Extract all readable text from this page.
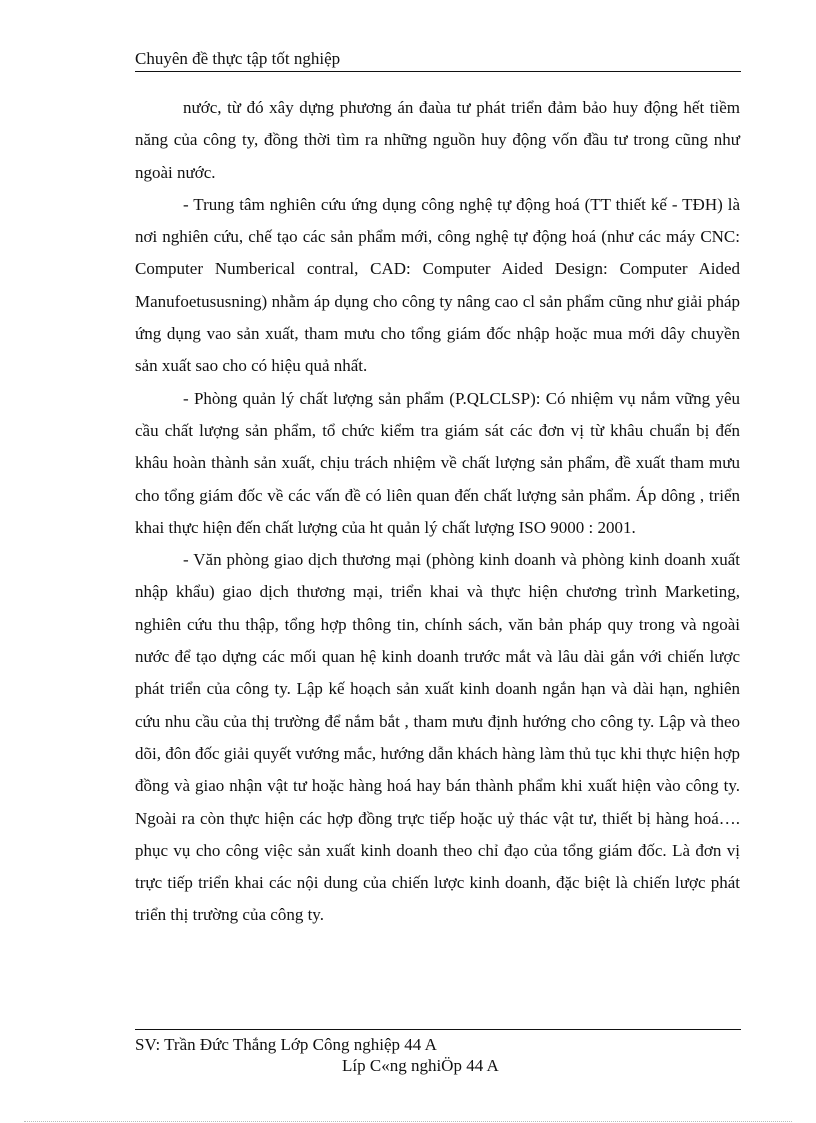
Chuyên đề thực tập tốt nghiệp

nước, từ đó xây dựng phương án đaùa tư phát triển đảm bảo huy động hết tiềm năng của công ty, đồng thời tìm ra những nguồn huy động vốn đầu tư trong cũng như ngoài nước.

- Trung tâm nghiên cứu ứng dụng công nghệ tự động hoá (TT thiết kế - TĐH) là nơi nghiên cứu, chế tạo các sản phẩm mới, công nghệ tự động hoá (như các máy CNC: Computer Numberical contral, CAD: Computer Aided Design: Computer Aided Manufoetususning) nhằm áp dụng cho công ty nâng cao cl sản phẩm cũng như giải pháp ứng dụng vao sản xuất, tham mưu cho tổng giám đốc nhập hoặc mua mới dây chuyền sản xuất sao cho có hiệu quả nhất.

- Phòng quản lý chất lượng sản phẩm (P.QLCLSP): Có nhiệm vụ nắm vững yêu cầu chất lượng sản phẩm, tổ chức kiểm tra giám sát các đơn vị từ khâu chuẩn bị đến khâu hoàn thành sản xuất, chịu trách nhiệm về chất lượng sản phẩm, đề xuất tham mưu cho tổng giám đốc về các vấn đề có liên quan đến chất lượng sản phẩm. Áp dông , triển khai thực hiện đến chất lượng của ht quản lý chất lượng ISO 9000 : 2001.

- Văn phòng giao dịch thương mại (phòng kinh doanh và phòng kinh doanh xuất nhập khẩu) giao dịch thương mại, triển khai và thực hiện chương trình Marketing, nghiên cứu thu thập, tổng hợp thông tin, chính sách, văn bản pháp quy trong và ngoài nước để tạo dựng các mối quan hệ kinh doanh trước mắt và lâu dài gắn với chiến lược phát triển của công ty. Lập kế hoạch sản xuất kinh doanh ngắn hạn và dài hạn, nghiên cứu nhu cầu của thị trường để nắm bắt , tham mưu định hướng cho công ty. Lập và theo dõi, đôn đốc giải quyết vướng mắc, hướng dẫn khách hàng làm thủ tục khi thực hiện hợp đồng và giao nhận vật tư hoặc hàng hoá hay bán thành phẩm khi xuất hiện vào công ty. Ngoài ra còn thực hiện các hợp đồng trực tiếp hoặc uỷ thác vật tư, thiết bị hàng hoá…. phục vụ cho công việc sản xuất kinh doanh theo chỉ đạo của tổng giám đốc. Là đơn vị trực tiếp triển khai các nội dung của chiến lược kinh doanh, đặc biệt là chiến lược phát triển thị trường của công ty.

SV: Trần Đức Thắng Lớp Công nghiệp 44 A
Líp C«ng nghiÖp 44 A
